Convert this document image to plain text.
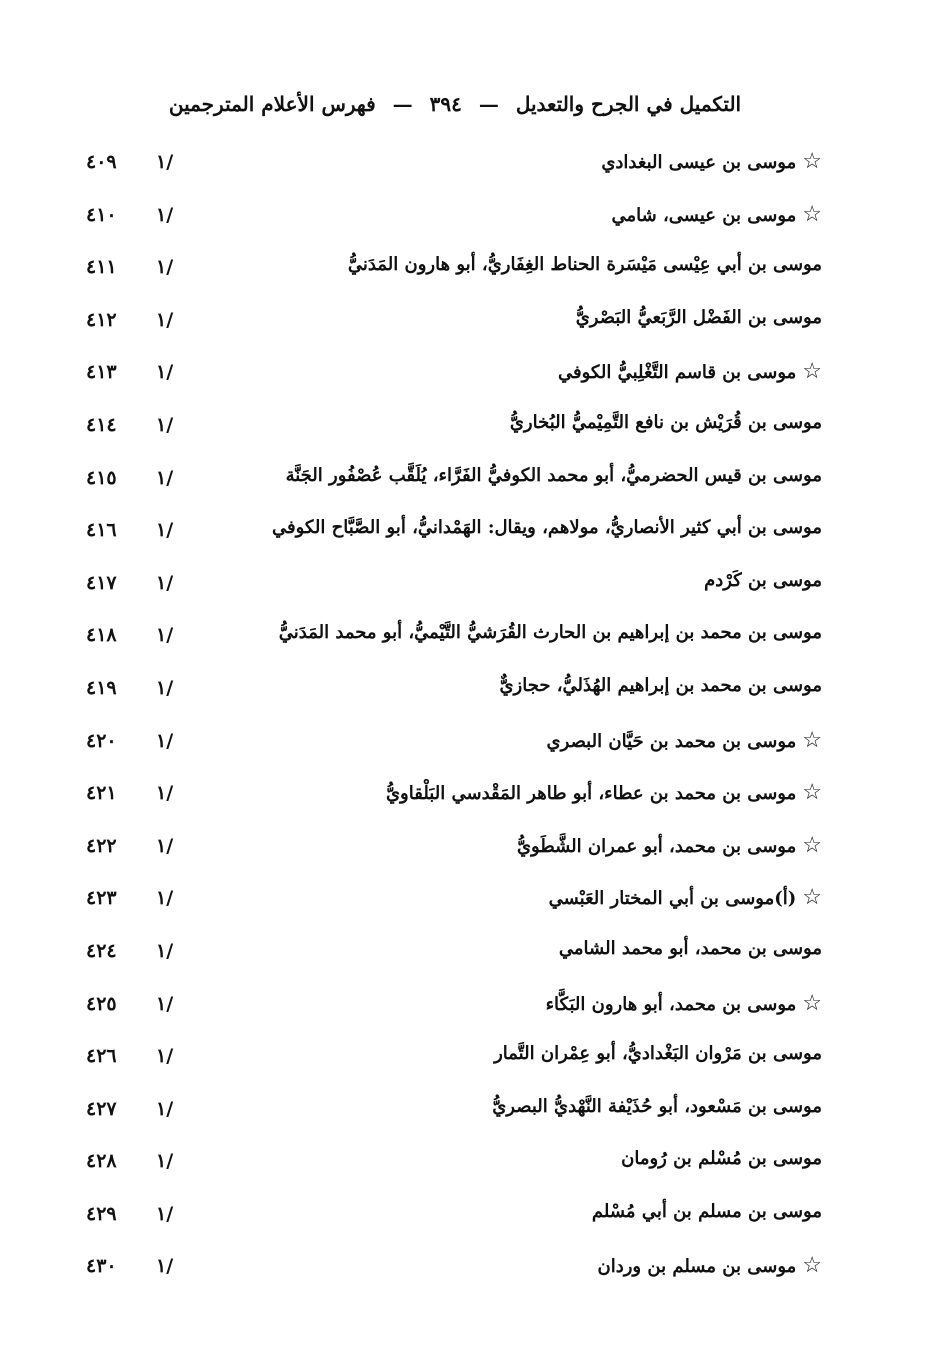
التكميل في الجرح والتعديل — ٣٩٤ — فهرس الأعلام المترجمين
☆موسى بن عيسى البغدادي
٤٠٩ ١/
☆موسى بن عيسى، شامي
٤١٠ ١/
موسى بن أبي عِيْسى مَيْسَرة الحناط الغِفَاريُّ، أبو هارون المَدَنيُّ
٤١١ ١/
موسى بن الفَضْل الرَّبَعيُّ البَصْريُّ
٤١٢ ١/
☆موسى بن قاسم التَّغْلِبيُّ الكوفي
٤١٣ ١/
موسى بن قُرَيْش بن نافع التَّمِيْميُّ البُخاريُّ
٤١٤ ١/
موسى بن قيس الحضرميُّ، أبو محمد الكوفيُّ الفَرَّاء، يُلَقَّب عُصْفُور الجَنَّة
٤١٥ ١/
موسى بن أبي كثير الأنصاريُّ، مولاهم، ويقال: الهَمْدانيُّ، أبو الصَّبَّاح الكوفي
٤١٦ ١/
موسى بن كَرْدم
٤١٧ ١/
موسى بن محمد بن إبراهيم بن الحارث القُرَشيُّ التَّيْميُّ، أبو محمد المَدَنيُّ
٤١٨ ١/
موسى بن محمد بن إبراهيم الهُذَليُّ، حجازيٌّ
٤١٩ ١/
☆موسى بن محمد بن حَيَّان البصري
٤٢٠ ١/
☆موسى بن محمد بن عطاء، أبو طاهر المَقْدسي البَلْقاويُّ
٤٢١ ١/
☆موسى بن محمد، أبو عمران الشَّطَويُّ
٤٢٢ ١/
☆(أ)موسى بن أبي المختار العَبْسي
٤٢٣ ١/
موسى بن محمد، أبو محمد الشامي
٤٢٤ ١/
☆موسى بن محمد، أبو هارون البَكَّاء
٤٢٥ ١/
موسى بن مَرْوان البَغْداديُّ، أبو عِمْران التَّمار
٤٢٦ ١/
موسى بن مَسْعود، أبو حُذَيْفة النَّهْديُّ البصريُّ
٤٢٧ ١/
موسى بن مُسْلم بن رُومان
٤٢٨ ١/
موسى بن مسلم بن أبي مُسْلم
٤٢٩ ١/
☆موسى بن مسلم بن وردان
٤٣٠ ١/
